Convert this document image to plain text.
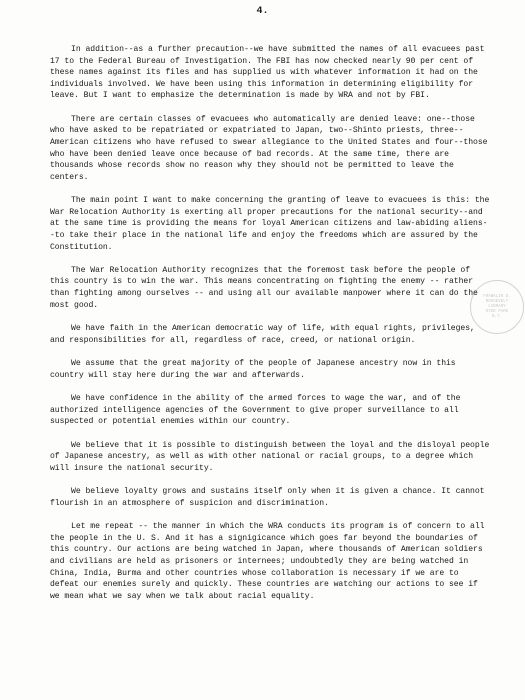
4.
FRANKLIN D. ROOSEVELT
LIBRARY
HYDE PARK
N.Y.

In addition--as a further precaution--we have submitted the names of all evacuees past 17 to the Federal Bureau of Investigation. The FBI has now checked nearly 90 per cent of these names against its files and has supplied us with whatever information it had on the individuals involved. We have been using this information in determining eligibility for leave. But I want to emphasize the determination is made by WRA and not by FBI.

There are certain classes of evacuees who automatically are denied leave: one--those who have asked to be repatriated or expatriated to Japan, two--Shinto priests, three--American citizens who have refused to swear allegiance to the United States and four--those who have been denied leave once because of bad records. At the same time, there are thousands whose records show no reason why they should not be permitted to leave the centers.

The main point I want to make concerning the granting of leave to evacuees is this: the War Relocation Authority is exerting all proper precautions for the national security--and at the same time is providing the means for loyal American citizens and law-abiding aliens--to take their place in the national life and enjoy the freedoms which are assured by the Constitution.

The War Relocation Authority recognizes that the foremost task before the people of this country is to win the war. This means concentrating on fighting the enemy -- rather than fighting among ourselves -- and using all our available manpower where it can do the most good.

We have faith in the American democratic way of life, with equal rights, privileges, and responsibilities for all, regardless of race, creed, or national origin.

We assume that the great majority of the people of Japanese ancestry now in this country will stay here during the war and afterwards.

We have confidence in the ability of the armed forces to wage the war, and of the authorized intelligence agencies of the Government to give proper surveillance to all suspected or potential enemies within our country.

We believe that it is possible to distinguish between the loyal and the disloyal people of Japanese ancestry, as well as with other national or racial groups, to a degree which will insure the national security.

We believe loyalty grows and sustains itself only when it is given a chance. It cannot flourish in an atmosphere of suspicion and discrimination.

Let me repeat -- the manner in which the WRA conducts its program is of concern to all the people in the U. S. And it has a signigicance which goes far beyond the boundaries of this country. Our actions are being watched in Japan, where thousands of American soldiers and civilians are held as prisoners or internees; undoubtedly they are being watched in China, India, Burma and other countries whose collaboration is necessary if we are to defeat our enemies surely and quickly. These countries are watching our actions to see if we mean what we say when we talk about racial equality.
